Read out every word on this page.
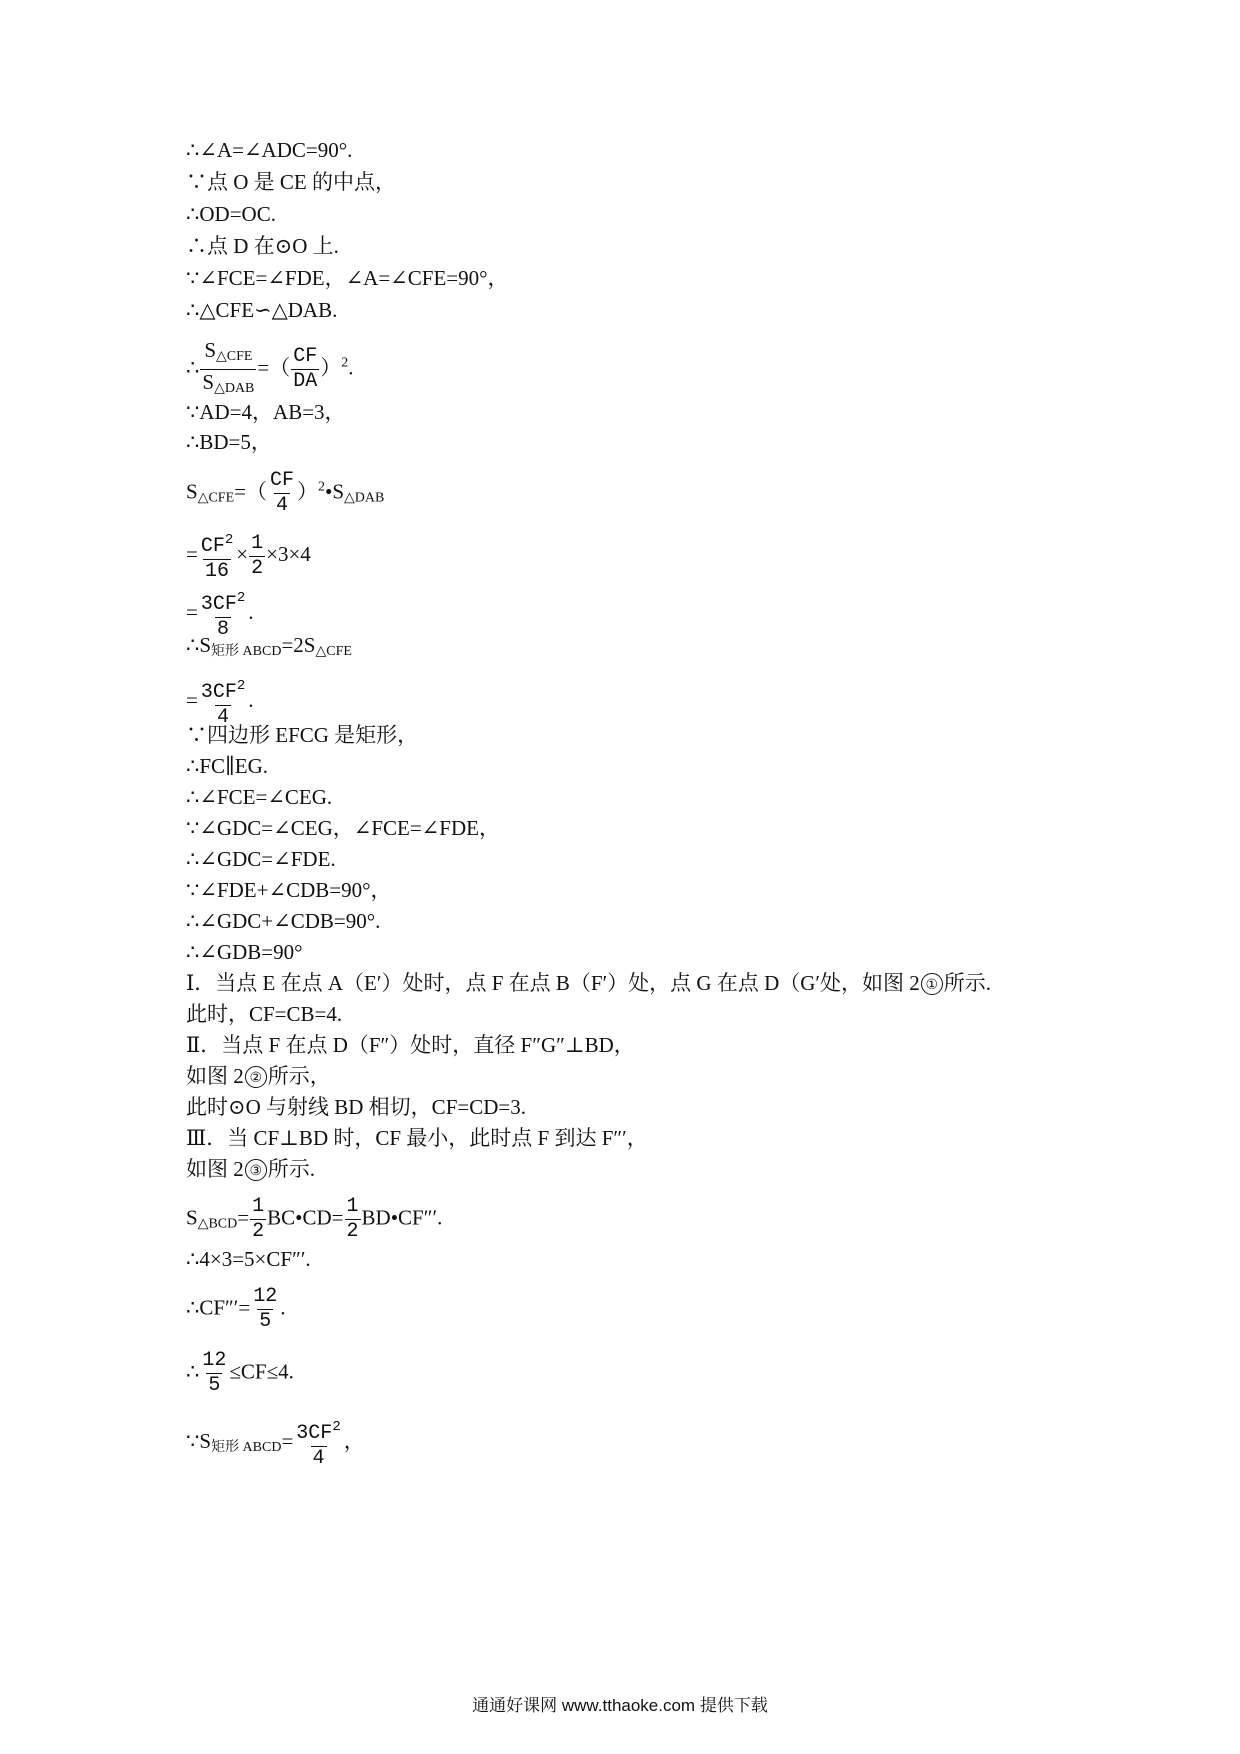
∴∠A=∠ADC=90°.
∵点 O 是 CE 的中点，
∴OD=OC.
∴点 D 在⊙O 上.
∵∠FCE=∠FDE，∠A=∠CFE=90°，
∴△CFE∽△DAB.
∴ $\frac{S_{\triangle CFE}}{S_{\triangle DAB}}$ =（ $\frac{CF}{DA} )^2$.
∵AD=4，AB=3，
∴BD=5，
$S_{\triangle CFE}=( \frac{CF}{4}$ ）$^2•S_{\triangle DAB}$
= $\frac{CF^2}{16} \times \frac{1}{2} \times 3\times 4$
= $\frac{3CF^2}{8}$ .
$\therefore S_{矩形 ABCD}=2S_{\triangle CFE}$
= $\frac{3CF^2}{4}$ .
∵四边形 EFCG 是矩形，
∴FC∥EG.
∴∠FCE=∠CEG.
∵∠GDC=∠CEG，∠FCE=∠FDE，
∴∠GDC=∠FDE.
∵∠FDE+∠CDB=90°，
∴∠GDC+∠CDB=90°.
∴∠GDB=90°
Ⅰ．当点 E 在点 A（E′）处时，点 F 在点 B（F′）处，点 G 在点 D（G′处，如图 2 ① 所示.
此时，CF=CB=4.
Ⅱ．当点 F 在点 D（F″）处时，直径 F″G″⊥BD，
如图 2 ② 所示，
此时⊙O 与射线 BD 相切，CF=CD=3.
Ⅲ．当 CF⊥BD 时，CF 最小，此时点 F 到达 F″′，
如图 2 ③ 所示.
$S_{\triangle BCD}= \frac{1}{2}$ BC•CD= $\frac{1}{2}$ BD•CF″′.
∴4×3=5×CF″′.
∴CF″′= $\frac{12}{5}$ .
∴ $\frac{12}{5} \le CF\le 4$.
$\because S_{矩形 ABCD}= \frac{3CF^2}{4}$ ，
通通好课网 www.tthaoke.com 提供下载
